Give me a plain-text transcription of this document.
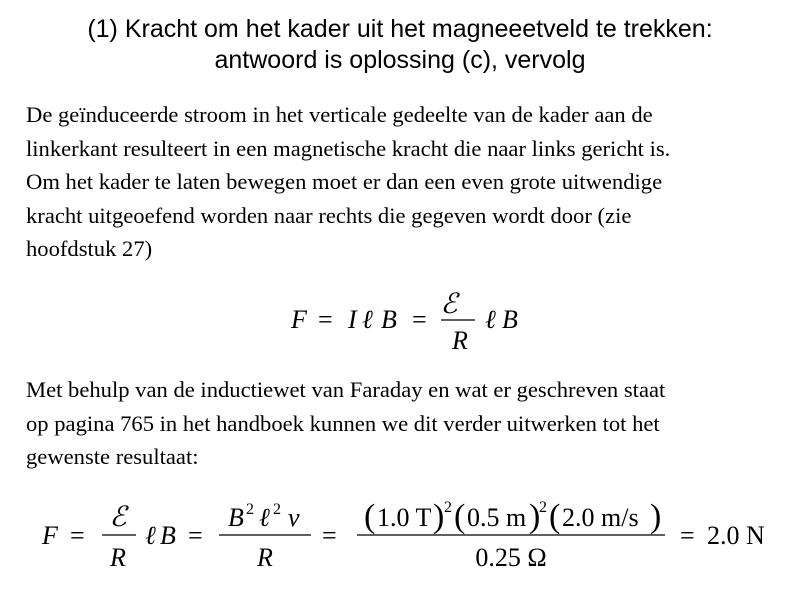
(1) Kracht om het kader uit het magneeetveld te trekken:
antwoord is oplossing (c), vervolg
De geïnduceerde stroom in het verticale gedeelte van de kader aan de
linkerkant resulteert in een magnetische kracht die naar links gericht is.
Om het kader te laten bewegen moet er dan een even grote uitwendige
kracht uitgeoefend worden naar rechts die gegeven wordt door (zie
hoofdstuk 27)
F = I ℓ B = ℰ
R
ℓ B
Met behulp van de inductiewet van Faraday en wat er geschreven staat
op pagina 765 in het handboek kunnen we dit verder uitwerken tot het
gewenste resultaat:
F =
ℰ
R
ℓ B =
B 2 ℓ 2 v
R
=
( 1.0 T ) 2 ( 0.5 m )
2 ( 2.0 m/s )
0.25 Ω
= 2.0 N
